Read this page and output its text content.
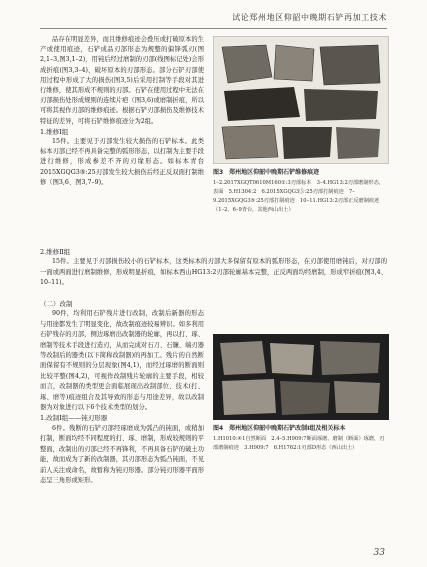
试论郑州地区仰韶中晚期石铲再加工技术

品存在明显差异，而且维修痕迹会叠压或打破原本的生产或使用痕迹，石铲成品刃部形态为规整的偏锋弧刃(图2,1–3,图3,1–2)，用钝后经过磨制的刃部(线图标记处)会形成折痕(图3,3–4)，破坏原本的刃部形态。部分石铲刃部使用过程中形成了大的损伤(图3,5)后采用打制等手段对其进行维修，使其形成不规则的刃部。石铲在使用过程中无法在刃部损伤处形成规则的连续片疤（图3,6)或磨制折痕，所以可将其视作刃部的维修痕迹。根据石铲刃部损伤及维修技术特征的差异，可将石铲维修痕迹分为2组。

1.维修Ⅰ组

15件。主要见于刃部发生较大损伤的石铲标本。此类标本刃部已经不再具备完整的弧形形态，以打制为主要手段进行维修，形成参差不齐的刃缘形态。如标本青台2015XGQG3⑤:25刃部发生较大损伤后经正反双面打制维修（图3,6、图3,7–9)。

图3　郑州地区仰韶中晚期石铲维修痕迹
1–2.2017XGQT0610M160①:3刃部标本　3–4.HG13:2刃部磨制形态，表面　5.H1304:2　6.2015XGQG3⑤:25刃部打制痕迹　7–9.2015XGQG3⑤:25刃部打制痕迹　10–11.HG13:2刃部正反磨制痕迹（1–2、6–9青台，其他西山出土）
2.维修Ⅱ组

15件。主要见于刃部损伤较小的石铲标本，这类标本的刃部大多保留有原本的弧形形态，在刃部使用磨钝后，对刃部的一面或两面进行磨制维修，形成明显折痕，如标本西山HG13:2刃部轮廓基本完整，正反两面均经磨制，形成窄折痕(图3,4、10–11)。

（二）改制

90件，均利用石铲残片进行改制，改制后新器的形态与用途都发生了明显变化，故改制痕迹较易辨识。如多利用石铲残存的刃部，侧边琢磨出改制器的轮廓，再以打、琢、磨制等技术手段进行造刃，从而完成对石刀、石镰、端刃器等改制后的器类(以下简称改制器)的再加工。残片的自然断面保留有不规则的分层现象(图4,1)，而经过琢磨的断面则比较平整(图4,2)，可视作改制残片轮廓的主要手段，相较而言，改制器的类型更会面临展现出改制部位、技术(打、琢、磨等)痕迹组合及其导致的形态与用途差异，故以改制器为对象进行以下6个技术类型的划分。

1.改制Ⅰ组——钝刃形器

6件。残断的石铲刃部经琢磨成为弧凸的钝面，或稍加打制，断面均经不同程度的打、琢、磨制，形成较规则的平整面，改制出的刃部已经不再锋利，不再具备石铲的破土功能，故而成为了新的改制器，其刃部形态为弧凸钝面，不见前人关注或命名，故暂称为钝刃形器。部分钝刃形器平面形态呈三角形或矩形。

图4　郑州地区仰韶中晚期石铲改制Ⅰ组及相关标本
1.H1010:④1自然断面　2.4–5.H909:7断面琢磨、磨制（断面）琢磨，刃部磨制痕迹　3.H909:7　6.H1762:1刃部D形态（西山出土）
33
